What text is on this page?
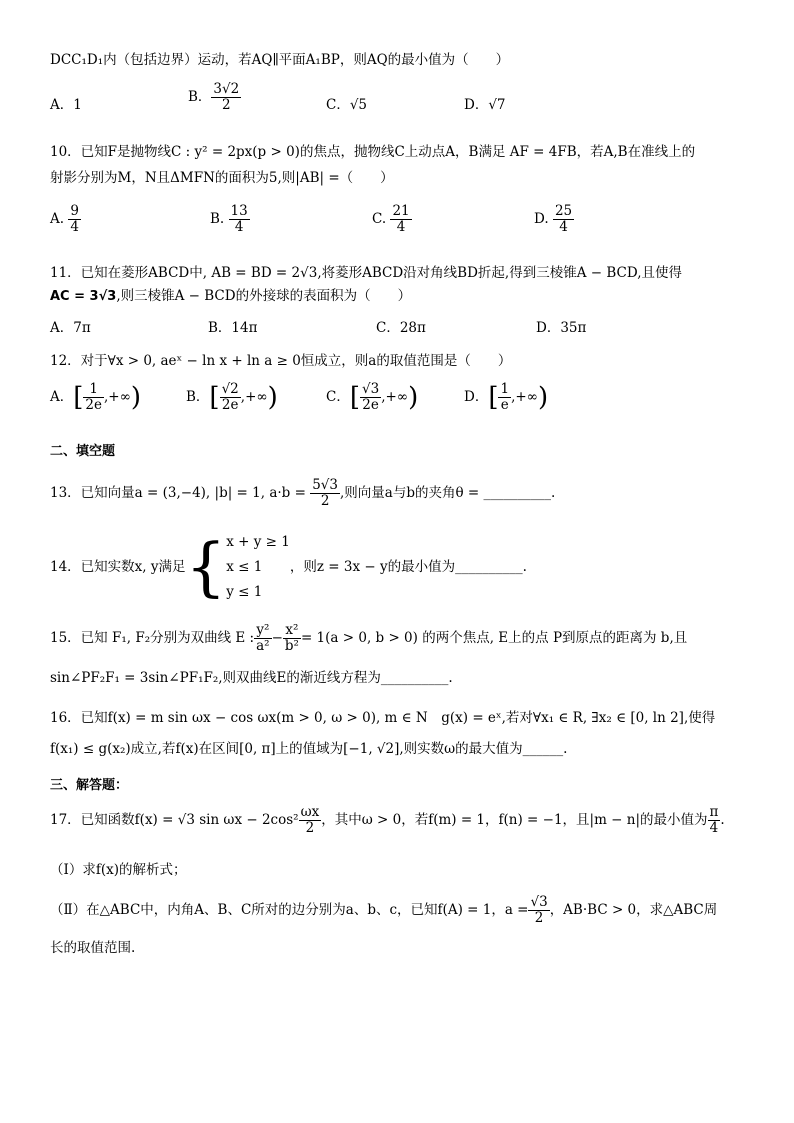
DCC₁D₁内（包括边界）运动，若AQ∥平面A₁BP，则AQ的最小值为（　　）
A．1
B． $\frac{3√2}{2}$	C．√5	D．√7
10．已知F是抛物线C : y² = 2px(p > 0)的焦点，抛物线C上动点A，B满足 AF = 4FB，若A,B在准线上的
射影分别为M，N且ΔMFN的面积为5,则|AB| =（　　）
A. $\frac{9}{4}$	B. $\frac{13}{4}$	C. $\frac{21}{4}$	D. $\frac{25}{4}$
11．已知在菱形ABCD中, AB = BD = 2√3,将菱形ABCD沿对角线BD折起,得到三棱锥A − BCD,且使得
AC = 3√3,则三棱锥A − BCD的外接球的表面积为（　　）
A．7π	B．14π	C．28π	D．35π
12．对于∀x > 0, aeˣ − ln x + ln a ≥ 0恒成立，则a的取值范围是（　　）
A．[ $\frac{1}{2e}$ ,+∞)	B．[ $\frac{√2}{2e}$ ,+∞)	C．[ $\frac{√3}{2e}$ ,+∞)	D．[ $\frac{1}{e}$ ,+∞)
二、填空题
13．已知向量a = (3,−4), |b| = 1, $a\cdot b = \frac{5√3}{2}$ ,则向量a与b的夹角θ = __________.
14．已知实数x, y满足{ x + y ≥ 1
x ≤ 1
y ≤ 1
，则z = 3x − y的最小值为__________.
15．已知 F₁, F₂分别为双曲线 E : $\frac{\text{y²}}{\text{a²}} - \frac{\text{x²}}{\text{b²}} = 1(a > 0$, b > 0) 的两个焦点, E上的点 P到原点的距离为 b,且
sin∠PF₂F₁ = 3sin∠PF₁F₂,则双曲线E的渐近线方程为__________.
16．已知f(x) = m sin ωx − cos ωx(m > 0, ω > 0), m ∈ N　g(x) = eˣ,若对∀x₁ ∈ R, ∃x₂ ∈ [0, ln 2],使得
f(x₁) ≤ g(x₂)成立,若f(x)在区间[0, π]上的值域为[−1, √2],则实数ω的最大值为______.
三、解答题：
17．已知函数f(x) = √3 $\sin \omega x - 2\cos^2 \frac{\omega x}{2}$ ，其中ω > 0，若f(m) = 1，f(n) = −1，且|m − n|的最小值为 $\frac{\pi}{4}$ .
（Ⅰ）求f(x)的解析式；
（Ⅱ）在△ABC中，内角A、B、C所对的边分别为a、b、c，已知f(A) = 1，$a = \frac{√3}{2}$ ，AB·BC > 0，求△ABC周
长的取值范围.
